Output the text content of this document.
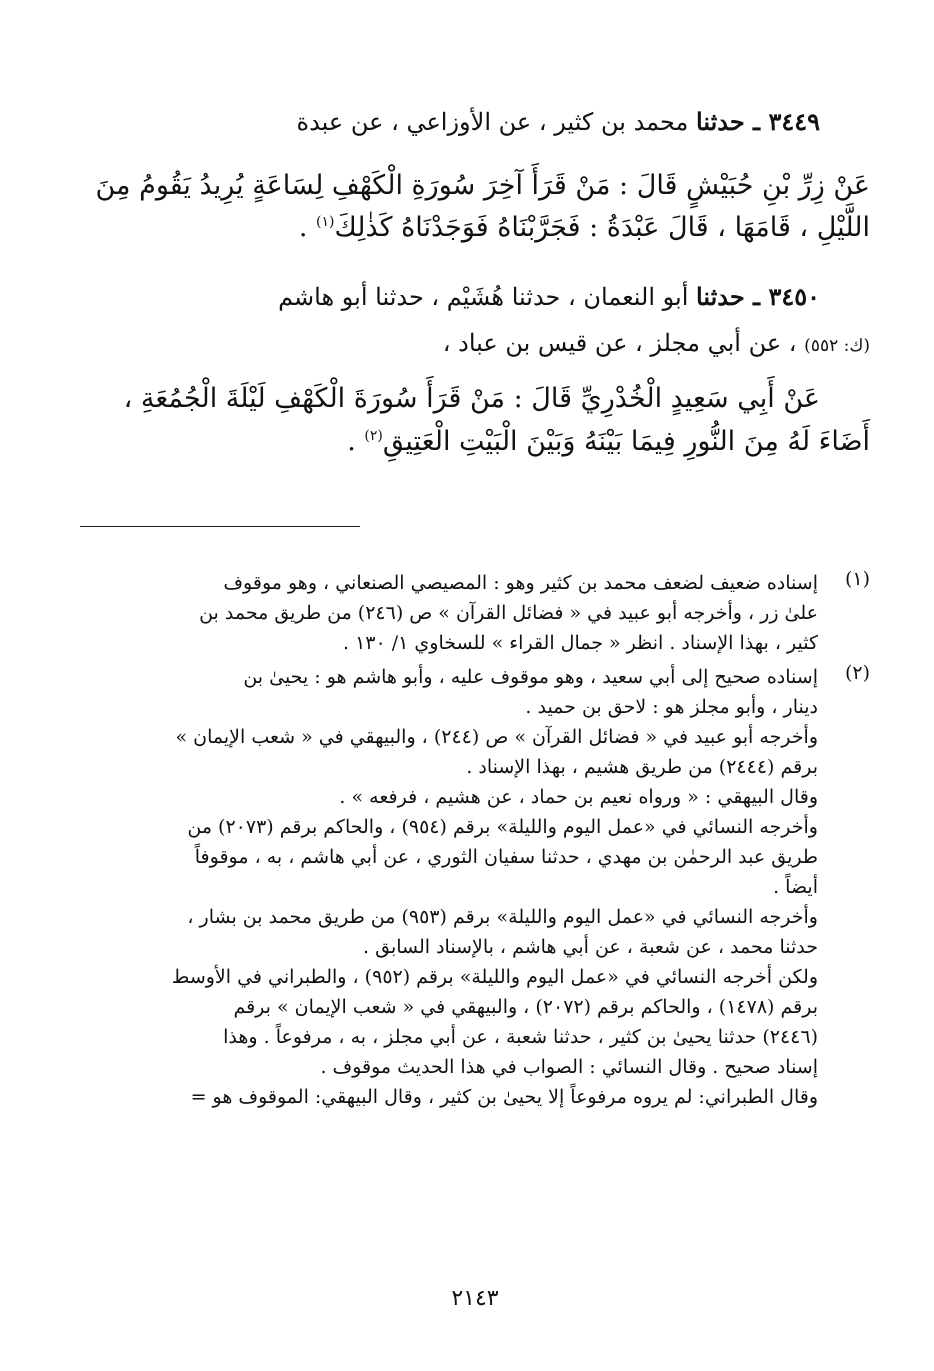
٣٤٤٩ ـ حدثنا محمد بن كثير ، عن الأوزاعي ، عن عبدة
عَنْ زِرِّ بْنِ حُبَيْشٍ قَالَ : مَنْ قَرَأَ آخِرَ سُورَةِ الْكَهْفِ لِسَاعَةٍ يُرِيدُ يَقُومُ مِنَ
اللَّيْلِ ، قَامَهَا ، قَالَ عَبْدَةُ : فَجَرَّبْنَاهُ فَوَجَدْنَاهُ كَذٰلِكَ$^{(١)}$ .
٣٤٥٠ ـ حدثنا أبو النعمان ، حدثنا هُشَيْم ، حدثنا أبو هاشم
(ك: ٥٥٢) ، عن أبي مجلز ، عن قيس بن عباد ،
عَنْ أَبِي سَعِيدٍ الْخُدْرِيِّ قَالَ : مَنْ قَرَأَ سُورَةَ الْكَهْفِ لَيْلَةَ الْجُمُعَةِ ،
أَضَاءَ لَهُ مِنَ النُّورِ فِيمَا بَيْنَهُ وَبَيْنَ الْبَيْتِ الْعَتِيقِ$^{(٢)}$ .
(١)
إسناده ضعيف لضعف محمد بن كثير وهو : المصيصي الصنعاني ، وهو موقوف
علىٰ زر ، وأخرجه أبو عبيد في « فضائل القرآن » ص (٢٤٦) من طريق محمد بن
كثير ، بهذا الإسناد . انظر « جمال القراء » للسخاوي ١/ ١٣٠ .
(٢)
إسناده صحيح إلى أبي سعيد ، وهو موقوف عليه ، وأبو هاشم هو : يحيىٰ بن
دينار ، وأبو مجلز هو : لاحق بن حميد .
وأخرجه أبو عبيد في « فضائل القرآن » ص (٢٤٤) ، والبيهقي في « شعب الإيمان »
برقم (٢٤٤٤) من طريق هشيم ، بهذا الإسناد .
وقال البيهقي : « ورواه نعيم بن حماد ، عن هشيم ، فرفعه » .
وأخرجه النسائي في «عمل اليوم والليلة» برقم (٩٥٤) ، والحاكم برقم (٢٠٧٣) من
طريق عبد الرحمٰن بن مهدي ، حدثنا سفيان الثوري ، عن أبي هاشم ، به ، موقوفاً
أيضاً .
وأخرجه النسائي في «عمل اليوم والليلة» برقم (٩٥٣) من طريق محمد بن بشار ،
حدثنا محمد ، عن شعبة ، عن أبي هاشم ، بالإسناد السابق .
ولكن أخرجه النسائي في «عمل اليوم والليلة» برقم (٩٥٢) ، والطبراني في الأوسط
برقم (١٤٧٨) ، والحاكم برقم (٢٠٧٢) ، والبيهقي في « شعب الإيمان » برقم
(٢٤٤٦) حدثنا يحيىٰ بن كثير ، حدثنا شعبة ، عن أبي مجلز ، به ، مرفوعاً . وهذا
إسناد صحيح . وقال النسائي : الصواب في هذا الحديث موقوف .
وقال الطبراني: لم يروه مرفوعاً إلا يحيىٰ بن كثير ، وقال البيهقي: الموقوف هو =
٢١٤٣
